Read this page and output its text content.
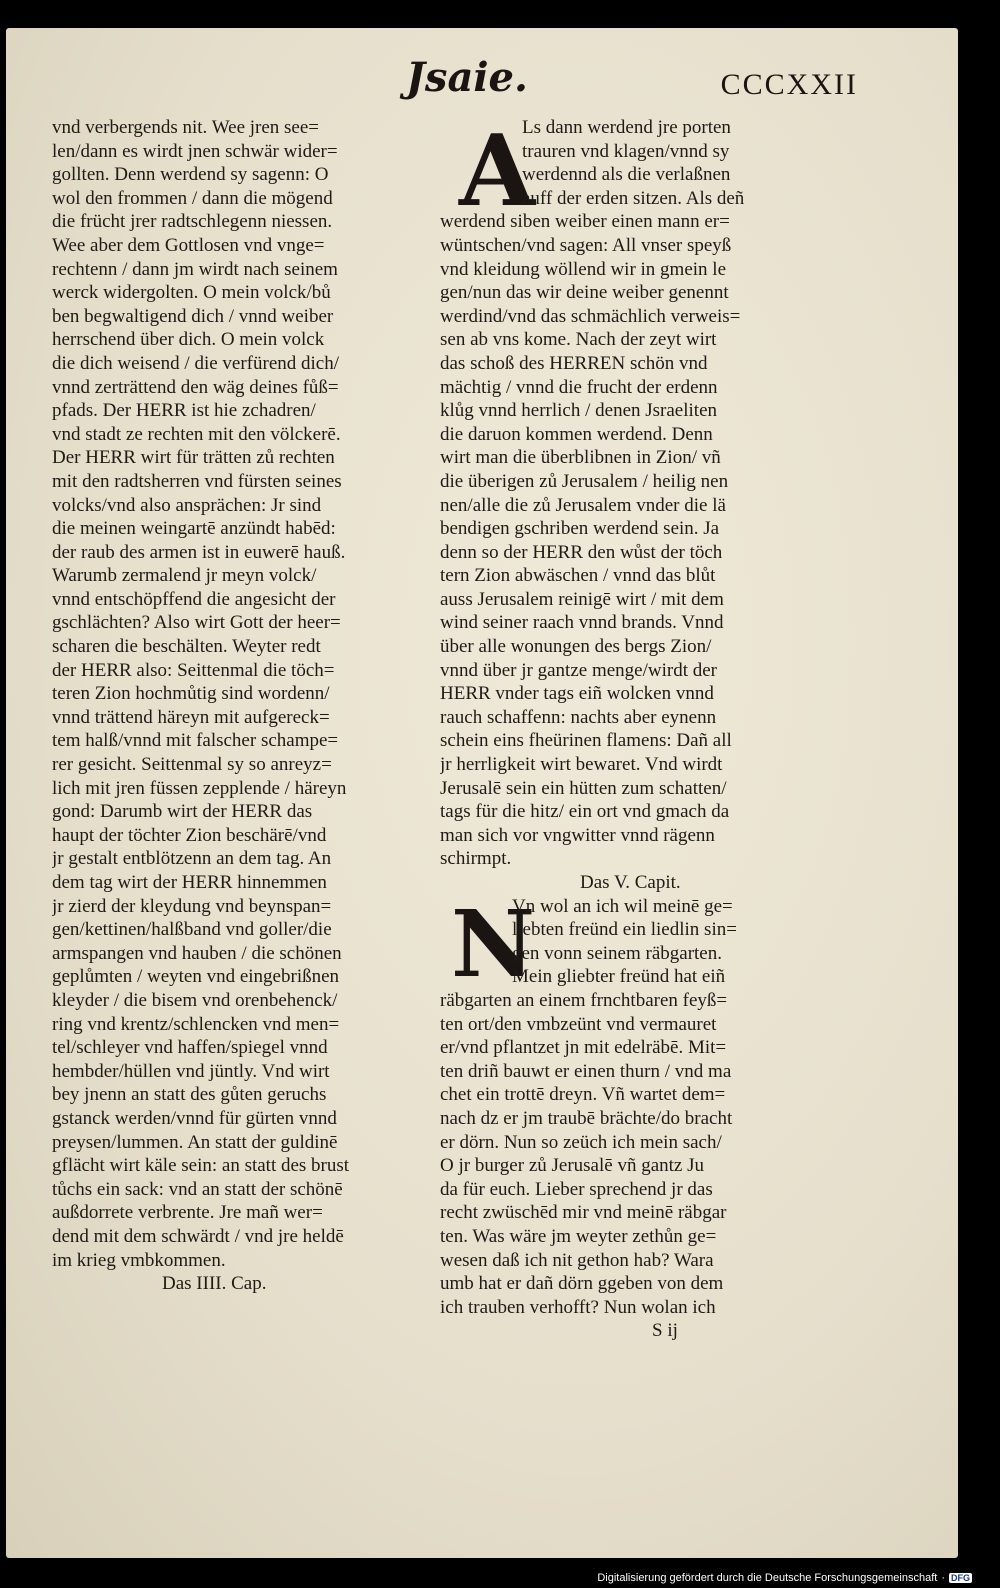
Jsaie.	CCCXXII
vnd verbergends nit. Wee jren see=
len/dann es wirdt jnen schwär wider=
gollten. Denn werdend sy sagenn: O
wol den frommen / dann die mögend
die frücht jrer radtschlegenn niessen.
Wee aber dem Gottlosen vnd vnge=
rechtenn / dann jm wirdt nach seinem
werck widergolten. O mein volck/bů
ben begwaltigend dich / vnnd weiber
herrschend über dich. O mein volck
die dich weisend / die verfürend dich/
vnnd zerträttend den wäg deines fůß=
pfads. Der HERR ist hie zchadren/
vnd stadt ze rechten mit den völckerē.
Der HERR wirt für trätten zů rechten
mit den radtsherren vnd fürsten seines
volcks/vnd also ansprächen: Jr sind
die meinen weingartē anzündt habēd:
der raub des armen ist in euwerē hauß.
Warumb zermalend jr meyn volck/
vnnd entschöpffend die angesicht der
gschlächten? Also wirt Gott der heer=
scharen die beschälten. Weyter redt
der HERR also: Seittenmal die töch=
teren Zion hochmůtig sind wordenn/
vnnd trättend häreyn mit aufgereck=
tem halß/vnnd mit falscher schampe=
rer gesicht. Seittenmal sy so anreyz=
lich mit jren füssen zepplende / häreyn
gond: Darumb wirt der HERR das
haupt der töchter Zion beschärē/vnd
jr gestalt entblötzenn an dem tag. An
dem tag wirt der HERR hinnemmen
jr zierd der kleydung vnd beynspan=
gen/kettinen/halßband vnd goller/die
armspangen vnd hauben / die schönen
geplůmten / weyten vnd eingebrißnen
kleyder / die bisem vnd orenbehenck/
ring vnd krentz/schlencken vnd men=
tel/schleyer vnd haffen/spiegel vnnd
hembder/hüllen vnd jüntly. Vnd wirt
bey jnenn an statt des gůten geruchs
gstanck werden/vnnd für gürten vnnd
preysen/lummen. An statt der guldinē
gflächt wirt käle sein: an statt des brust
tůchs ein sack: vnd an statt der schönē
außdorrete verbrente. Jre mañ wer=
dend mit dem schwärdt / vnd jre heldē
im krieg vmbkommen.
Das IIII. Cap.
A
N
Ls dann werdend jre porten
trauren vnd klagen/vnnd sy
werdennd als die verlaßnen
auff der erden sitzen. Als deñ
werdend siben weiber einen mann er=
wüntschen/vnd sagen: All vnser speyß
vnd kleidung wöllend wir in gmein le
gen/nun das wir deine weiber genennt
werdind/vnd das schmächlich verweis=
sen ab vns kome. Nach der zeyt wirt
das schoß des HERREN schön vnd
mächtig / vnnd die frucht der erdenn
klůg vnnd herrlich / denen Jsraeliten
die daruon kommen werdend. Denn
wirt man die überblibnen in Zion/ vñ
die überigen zů Jerusalem / heilig nen
nen/alle die zů Jerusalem vnder die lä
bendigen gschriben werdend sein. Ja
denn so der HERR den wůst der töch
tern Zion abwäschen / vnnd das blůt
auss Jerusalem reinigē wirt / mit dem
wind seiner raach vnnd brands. Vnnd
über alle wonungen des bergs Zion/
vnnd über jr gantze menge/wirdt der
HERR vnder tags eiñ wolcken vnnd
rauch schaffenn: nachts aber eynenn
schein eins fheürinen flamens: Dañ all
jr herrligkeit wirt bewaret. Vnd wirdt
Jerusalē sein ein hütten zum schatten/
tags für die hitz/ ein ort vnd gmach da
man sich vor vngwitter vnnd rägenn
schirmpt.
Das V. Capit.
Vn wol an ich wil meinē ge=
liebten freünd ein liedlin sin=
gen vonn seinem räbgarten.
Mein gliebter freünd hat eiñ
räbgarten an einem frnchtbaren feyß=
ten ort/den vmbzeünt vnd vermauret
er/vnd pflantzet jn mit edelräbē. Mit=
ten driñ bauwt er einen thurn / vnd ma
chet ein trottē dreyn. Vñ wartet dem=
nach dz er jm traubē brächte/do bracht
er dörn. Nun so zeüch ich mein sach/
O jr burger zů Jerusalē vñ gantz Ju
da für euch. Lieber sprechend jr das
recht zwüschēd mir vnd meinē räbgar
ten. Was wäre jm weyter zethůn ge=
wesen daß ich nit gethon hab? Wara
umb hat er dañ dörn ggeben von dem
ich trauben verhofft? Nun wolan ich
S ij
Digitalisierung gefördert durch die Deutsche Forschungsgemeinschaft · DFG
